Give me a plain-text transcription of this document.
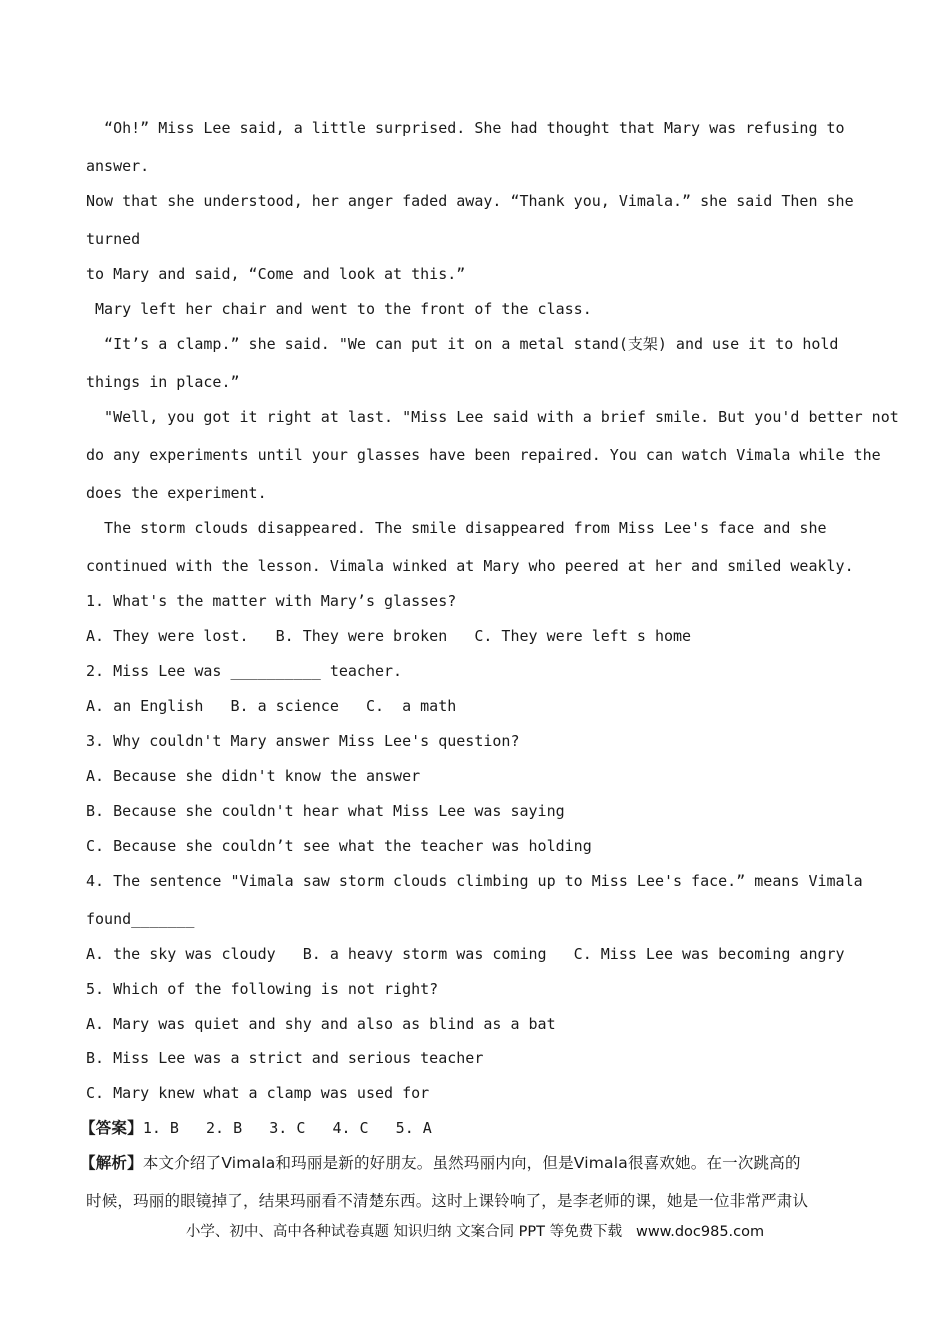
“Oh!” Miss Lee said, a little surprised. She had thought that Mary was refusing to
answer.
Now that she understood, her anger faded away. “Thank you, Vimala.” she said Then she
turned
to Mary and said, “Come and look at this.”
Mary left her chair and went to the front of the class.
“It’s a clamp.” she said. "We can put it on a metal stand(支架) and use it to hold
things in place.”
"Well, you got it right at last. "Miss Lee said with a brief smile. But you'd better not
do any experiments until your glasses have been repaired. You can watch Vimala while the
does the experiment.
The storm clouds disappeared. The smile disappeared from Miss Lee's face and she
continued with the lesson. Vimala winked at Mary who peered at her and smiled weakly.
1. What's the matter with Mary’s glasses?
A. They were lost.   B. They were broken   C. They were left s home
2. Miss Lee was __________ teacher.
A. an English   B. a science   C.  a math
3. Why couldn't Mary answer Miss Lee's question?
A. Because she didn't know the answer
B. Because she couldn't hear what Miss Lee was saying
C. Because she couldn’t see what the teacher was holding
4. The sentence "Vimala saw storm clouds climbing up to Miss Lee's face.” means Vimala
found_______
A. the sky was cloudy   B. a heavy storm was coming   C. Miss Lee was becoming angry
5. Which of the following is not right?
A. Mary was quiet and shy and also as blind as a bat
B. Miss Lee was a strict and serious teacher
C. Mary knew what a clamp was used for
【答案】1. B   2. B   3. C   4. C   5. A
【解析】本文介绍了Vimala和玛丽是新的好朋友。虽然玛丽内向，但是Vimala很喜欢她。在一次跳高的
时候，玛丽的眼镜掉了，结果玛丽看不清楚东西。这时上课铃响了，是李老师的课，她是一位非常严肃认
小学、初中、高中各种试卷真题 知识归纳 文案合同 PPT 等免费下载   www.doc985.com
